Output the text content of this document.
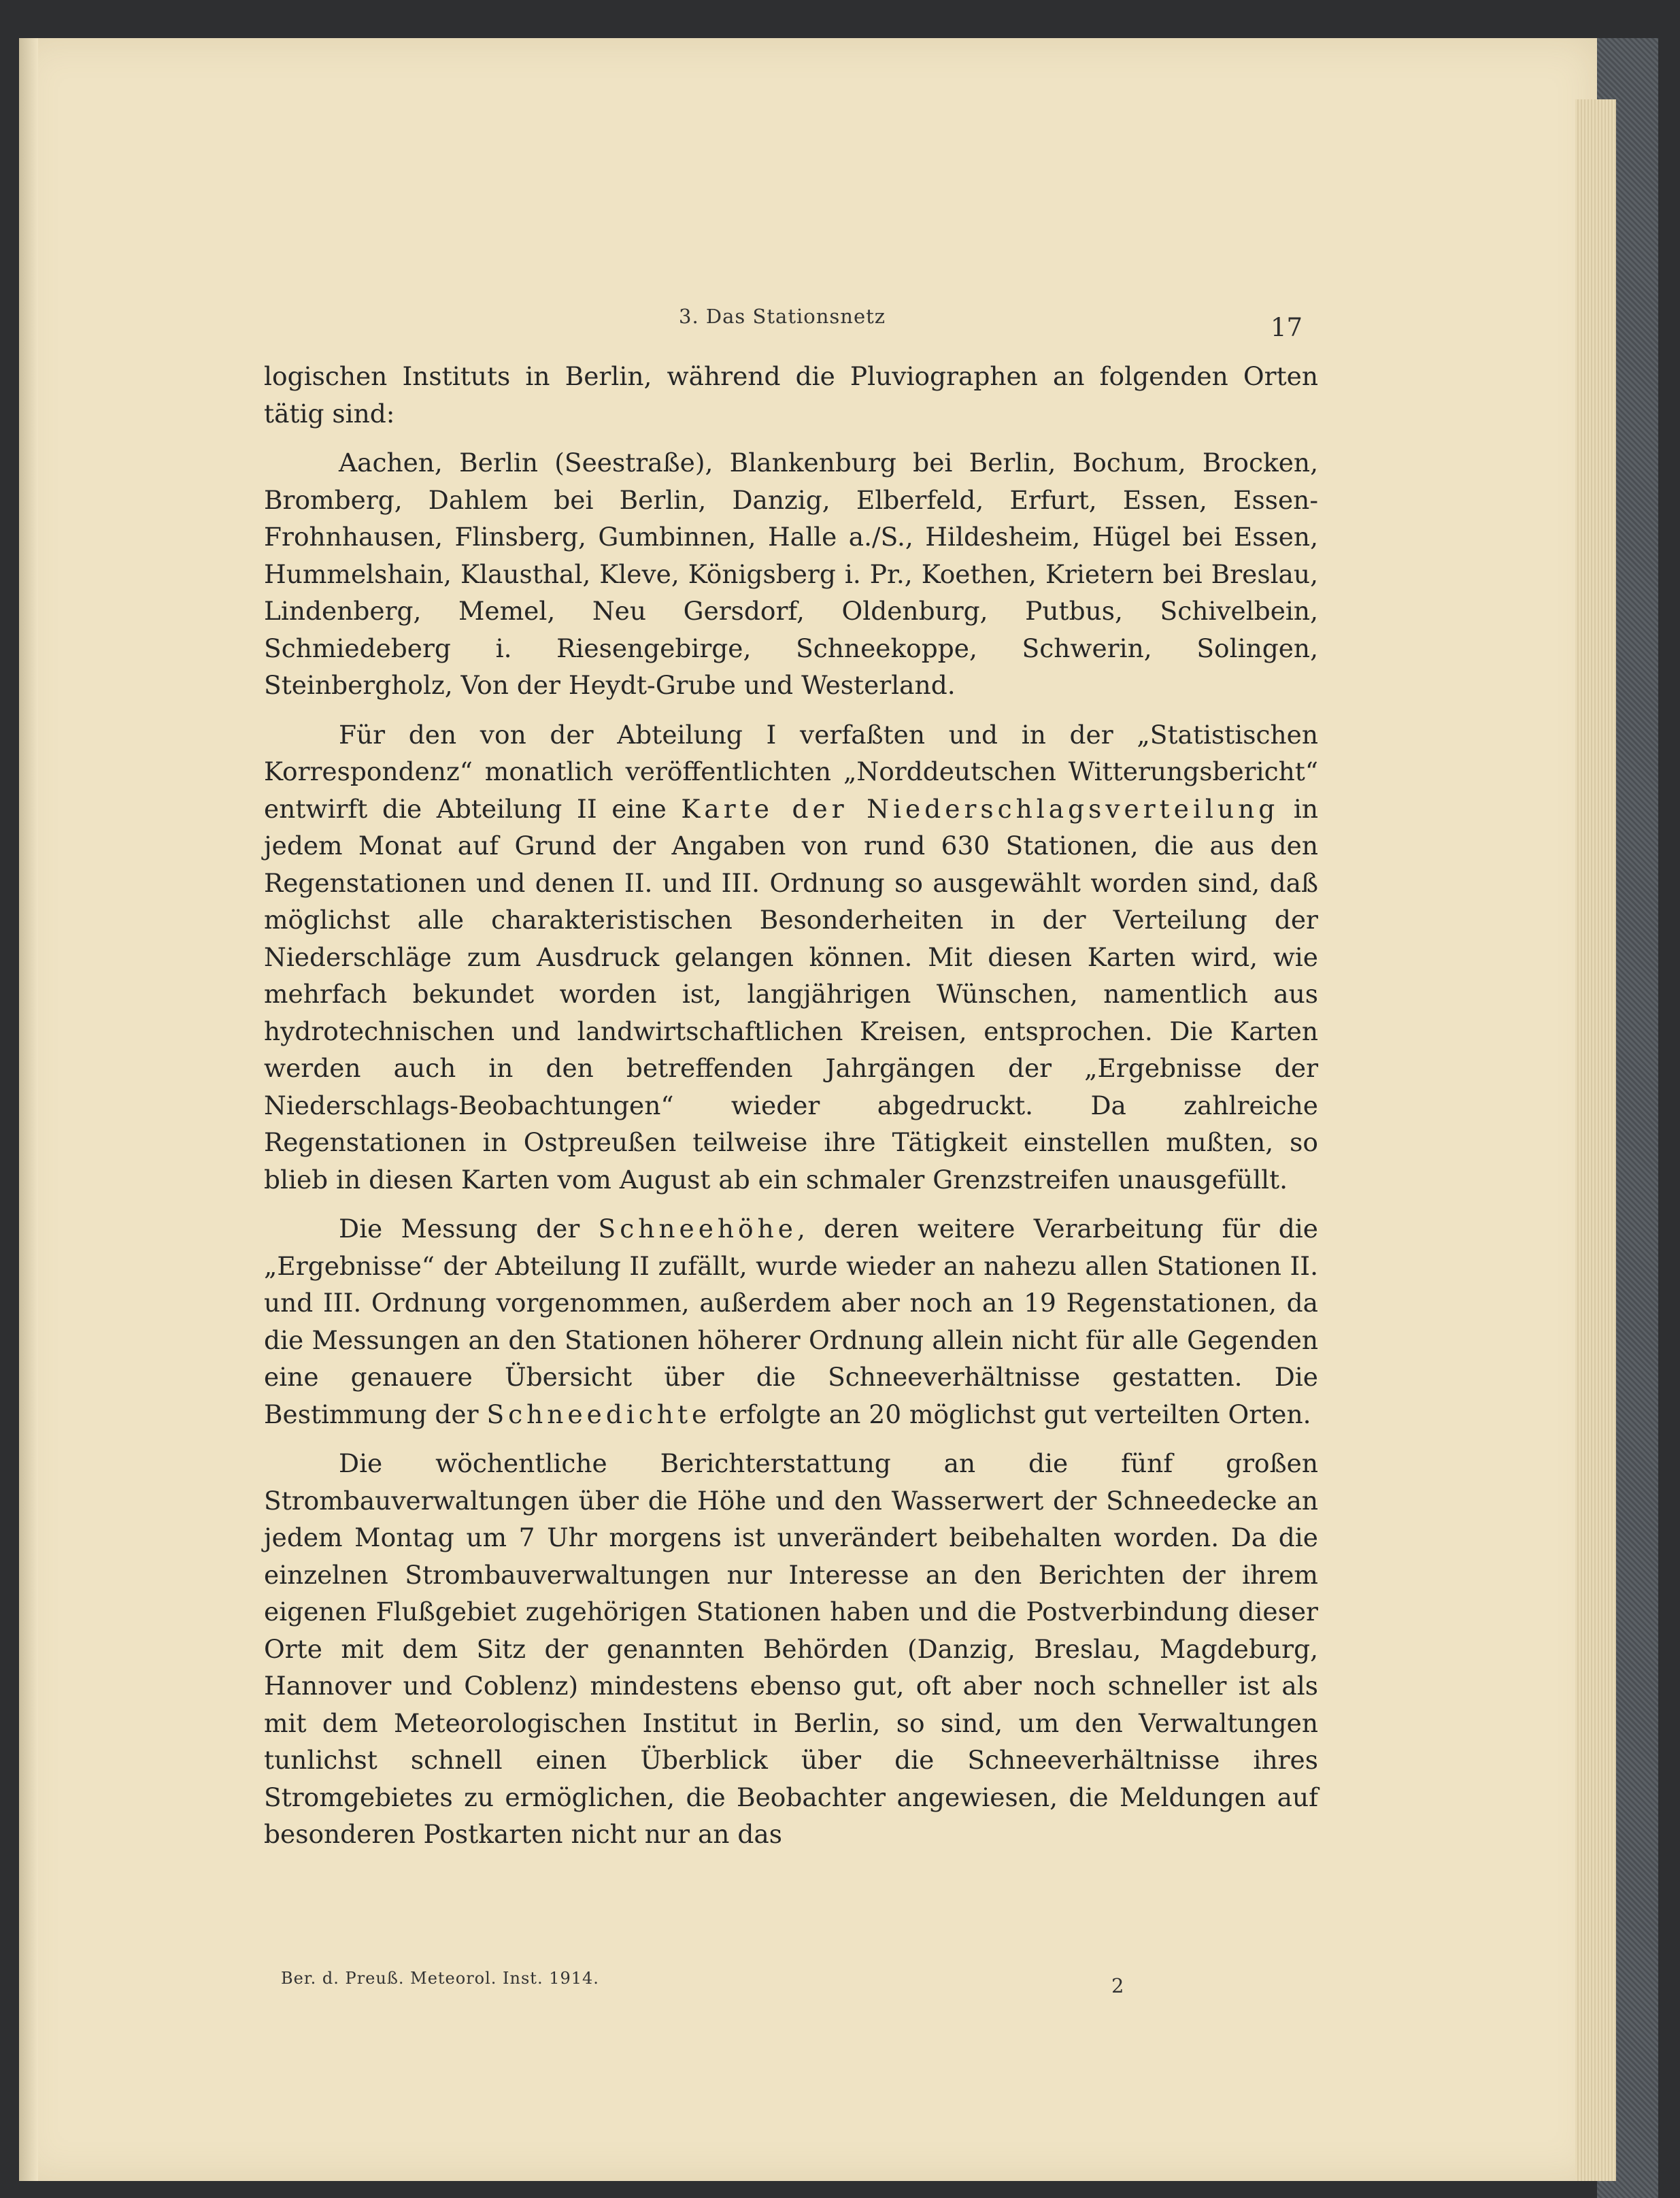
3. Das Stationsnetz	17

logischen Instituts in Berlin, während die Pluviographen an folgenden Orten tätig sind:

Aachen, Berlin (Seestraße), Blankenburg bei Berlin, Bochum, Brocken, Bromberg, Dahlem bei Berlin, Danzig, Elberfeld, Erfurt, Essen, Essen-Frohnhausen, Flinsberg, Gumbinnen, Halle a./S., Hildesheim, Hügel bei Essen, Hummelshain, Klausthal, Kleve, Königsberg i. Pr., Koethen, Krietern bei Breslau, Lindenberg, Memel, Neu Gersdorf, Oldenburg, Putbus, Schivelbein, Schmiedeberg i. Riesengebirge, Schneekoppe, Schwerin, Solingen, Steinbergholz, Von der Heydt-Grube und Westerland.

Für den von der Abteilung I verfaßten und in der „Statistischen Korrespondenz“ monatlich veröffentlichten „Norddeutschen Witterungsbericht“ entwirft die Abteilung II eine Karte der Niederschlagsverteilung in jedem Monat auf Grund der Angaben von rund 630 Stationen, die aus den Regenstationen und denen II. und III. Ordnung so ausgewählt worden sind, daß möglichst alle charakteristischen Besonderheiten in der Verteilung der Niederschläge zum Ausdruck gelangen können. Mit diesen Karten wird, wie mehrfach bekundet worden ist, langjährigen Wünschen, namentlich aus hydrotechnischen und landwirtschaftlichen Kreisen, entsprochen. Die Karten werden auch in den betreffenden Jahrgängen der „Ergebnisse der Niederschlags-Beobachtungen“ wieder abgedruckt. Da zahlreiche Regenstationen in Ostpreußen teilweise ihre Tätigkeit einstellen mußten, so blieb in diesen Karten vom August ab ein schmaler Grenzstreifen unausgefüllt.

Die Messung der Schneehöhe, deren weitere Verarbeitung für die „Ergebnisse“ der Abteilung II zufällt, wurde wieder an nahezu allen Stationen II. und III. Ordnung vorgenommen, außerdem aber noch an 19 Regenstationen, da die Messungen an den Stationen höherer Ordnung allein nicht für alle Gegenden eine genauere Übersicht über die Schneeverhältnisse gestatten. Die Bestimmung der Schneedichte erfolgte an 20 möglichst gut verteilten Orten.

Die wöchentliche Berichterstattung an die fünf großen Strombauverwaltungen über die Höhe und den Wasserwert der Schneedecke an jedem Montag um 7 Uhr morgens ist unverändert beibehalten worden. Da die einzelnen Strombauverwaltungen nur Interesse an den Berichten der ihrem eigenen Flußgebiet zugehörigen Stationen haben und die Postverbindung dieser Orte mit dem Sitz der genannten Behörden (Danzig, Breslau, Magdeburg, Hannover und Coblenz) mindestens ebenso gut, oft aber noch schneller ist als mit dem Meteorologischen Institut in Berlin, so sind, um den Verwaltungen tunlichst schnell einen Überblick über die Schneeverhältnisse ihres Stromgebietes zu ermöglichen, die Beobachter angewiesen, die Meldungen auf besonderen Postkarten nicht nur an das

Ber. d. Preuß. Meteorol. Inst. 1914.	2
